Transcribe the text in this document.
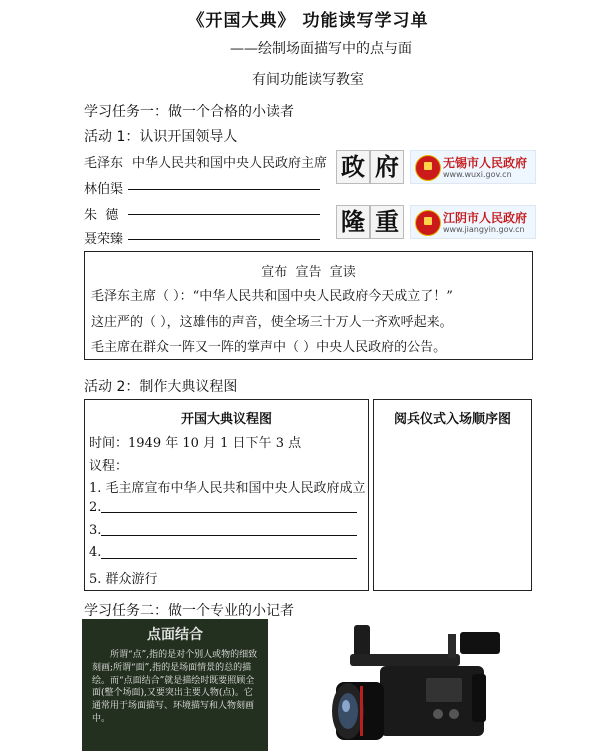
《开国大典》 功能读写学习单
——绘制场面描写中的点与面
有间功能读写教室
学习任务一：做一个合格的小读者
活动 1：认识开国领导人
毛泽东 中华人民共和国中央人民政府主席
林伯渠
朱  德
聂荣臻
政 府	无锡市人民政府
www.wuxi.gov.cn
隆 重	江阴市人民政府
www.jiangyin.gov.cn
宣布  宣告  宣读
毛泽东主席（ ）：“中华人民共和国中央人民政府今天成立了！”
这庄严的（ ），这雄伟的声音，使全场三十万人一齐欢呼起来。
毛主席在群众一阵又一阵的掌声中（ ）中央人民政府的公告。
活动 2：制作大典议程图
开国大典议程图
时间：1949 年 10 月 1 日下午 3 点
议程：
1. 毛主席宣布中华人民共和国中央人民政府成立
2.
3.
4.
5. 群众游行
阅兵仪式入场顺序图
学习任务二：做一个专业的小记者
点面结合
所谓“点”,指的是对个别人或物的细致刻画;所谓“面”,指的是场面情景的总的描绘。而“点面结合”就是描绘时既要照顾全面(整个场面),又要突出主要人物(点)。它通常用于场面描写、环境描写和人物刻画中。
